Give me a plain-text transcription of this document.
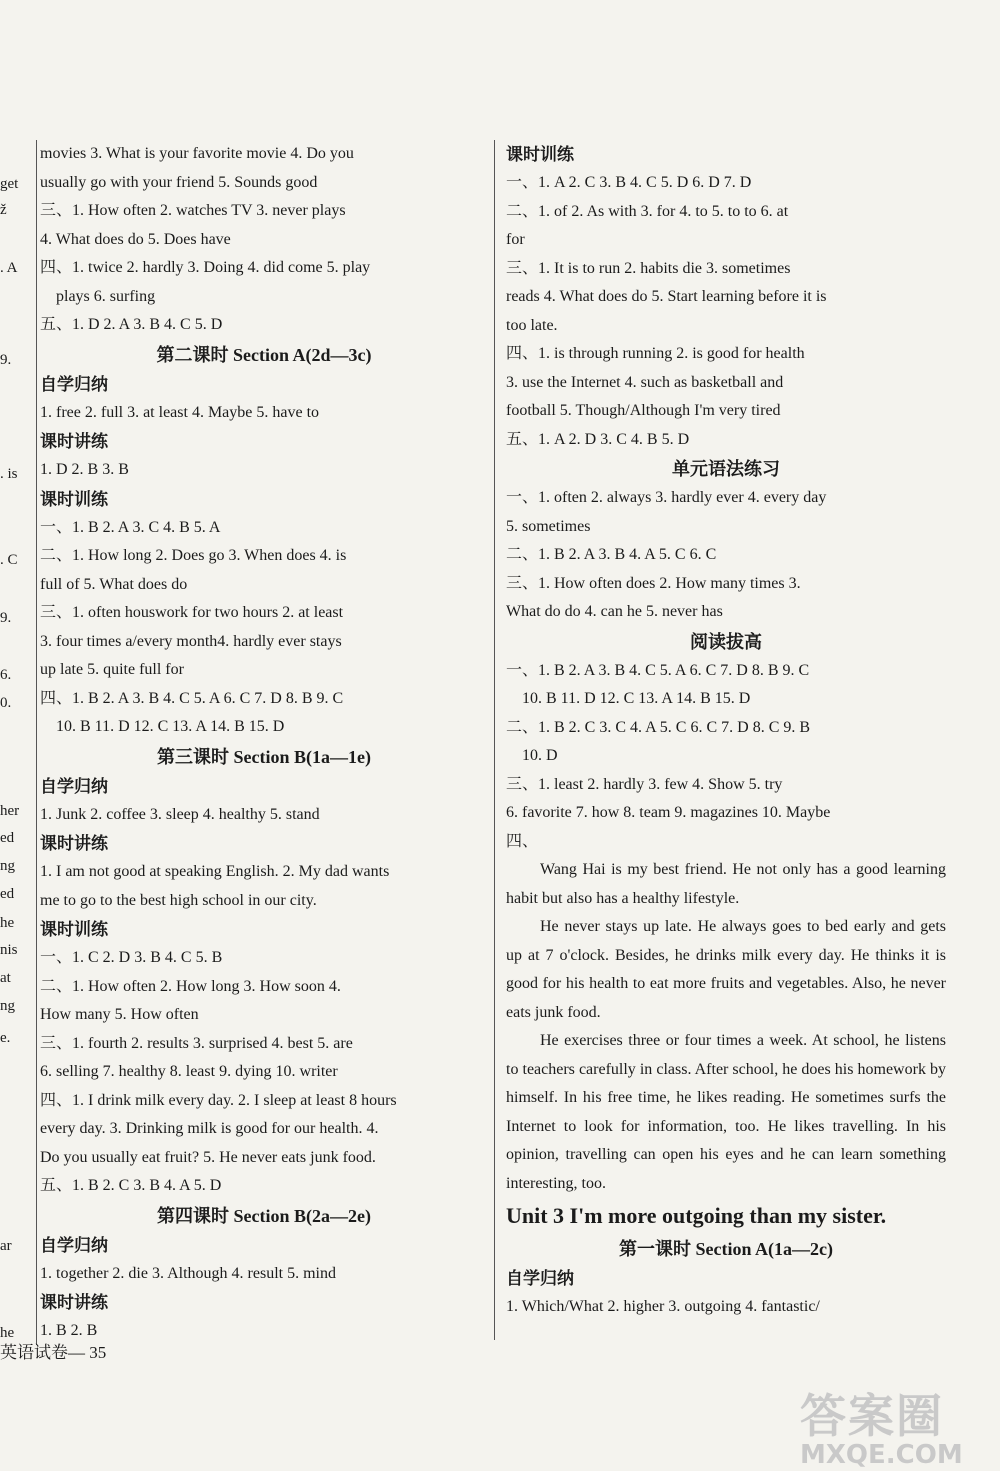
get
ž
. A
9.
. is
. C
9.
6.
0.
her
ed
ng
ed
he
nis
at
ng
e.
ar
he
movies 3. What is your favorite movie 4. Do you
usually go with your friend 5. Sounds good
三、1. How often 2. watches TV 3. never plays
4. What does do 5. Does have
四、1. twice 2. hardly 3. Doing 4. did come 5. play
plays 6. surfing
五、1. D 2. A 3. B 4. C 5. D
第二课时 Section A(2d—3c)
自学归纳
1. free 2. full 3. at least 4. Maybe 5. have to
课时讲练
1. D 2. B 3. B
课时训练
一、1. B 2. A 3. C 4. B 5. A
二、1. How long 2. Does go 3. When does 4. is
full of 5. What does do
三、1. often houswork for two hours 2. at least
3. four times a/every month4. hardly ever stays
up late 5. quite full for
四、1. B 2. A 3. B 4. C 5. A 6. C 7. D 8. B 9. C
10. B 11. D 12. C 13. A 14. B 15. D
第三课时 Section B(1a—1e)
自学归纳
1. Junk 2. coffee 3. sleep 4. healthy 5. stand
课时讲练
1. I am not good at speaking English. 2. My dad wants
me to go to the best high school in our city.
课时训练
一、1. C 2. D 3. B 4. C 5. B
二、1. How often 2. How long 3. How soon 4.
How many 5. How often
三、1. fourth 2. results 3. surprised 4. best 5. are
6. selling 7. healthy 8. least 9. dying 10. writer
四、1. I drink milk every day. 2. I sleep at least 8 hours
every day. 3. Drinking milk is good for our health. 4.
Do you usually eat fruit? 5. He never eats junk food.
五、1. B 2. C 3. B 4. A 5. D
第四课时 Section B(2a—2e)
自学归纳
1. together 2. die 3. Although 4. result 5. mind
课时讲练
1. B 2. B
课时训练
一、1. A 2. C 3. B 4. C 5. D 6. D 7. D
二、1. of 2. As with 3. for 4. to 5. to to 6. at
for
三、1. It is to run 2. habits die 3. sometimes
reads 4. What does do 5. Start learning before it is
too late.
四、1. is through running 2. is good for health
3. use the Internet 4. such as basketball and
football 5. Though/Although I'm very tired
五、1. A 2. D 3. C 4. B 5. D
单元语法练习
一、1. often 2. always 3. hardly ever 4. every day
5. sometimes
二、1. B 2. A 3. B 4. A 5. C 6. C
三、1. How often does 2. How many times 3.
What do do 4. can he 5. never has
阅读拔高
一、1. B 2. A 3. B 4. C 5. A 6. C 7. D 8. B 9. C
10. B 11. D 12. C 13. A 14. B 15. D
二、1. B 2. C 3. C 4. A 5. C 6. C 7. D 8. C 9. B
10. D
三、1. least 2. hardly 3. few 4. Show 5. try
6. favorite 7. how 8. team 9. magazines 10. Maybe
四、
Wang Hai is my best friend. He not only has a good learning habit but also has a healthy lifestyle.
He never stays up late. He always goes to bed early and gets up at 7 o'clock. Besides, he drinks milk every day. He thinks it is good for his health to eat more fruits and vegetables. Also, he never eats junk food.
He exercises three or four times a week. At school, he listens to teachers carefully in class. After school, he does his homework by himself. In his free time, he likes reading. He sometimes surfs the Internet to look for information, too. He likes travelling. In his opinion, travelling can open his eyes and he can learn something interesting, too.
Unit 3 I'm more outgoing than my sister.
第一课时 Section A(1a—2c)
自学归纳
1. Which/What 2. higher 3. outgoing 4. fantastic/
英语试卷— 35
答案圈
MXQE.COM
